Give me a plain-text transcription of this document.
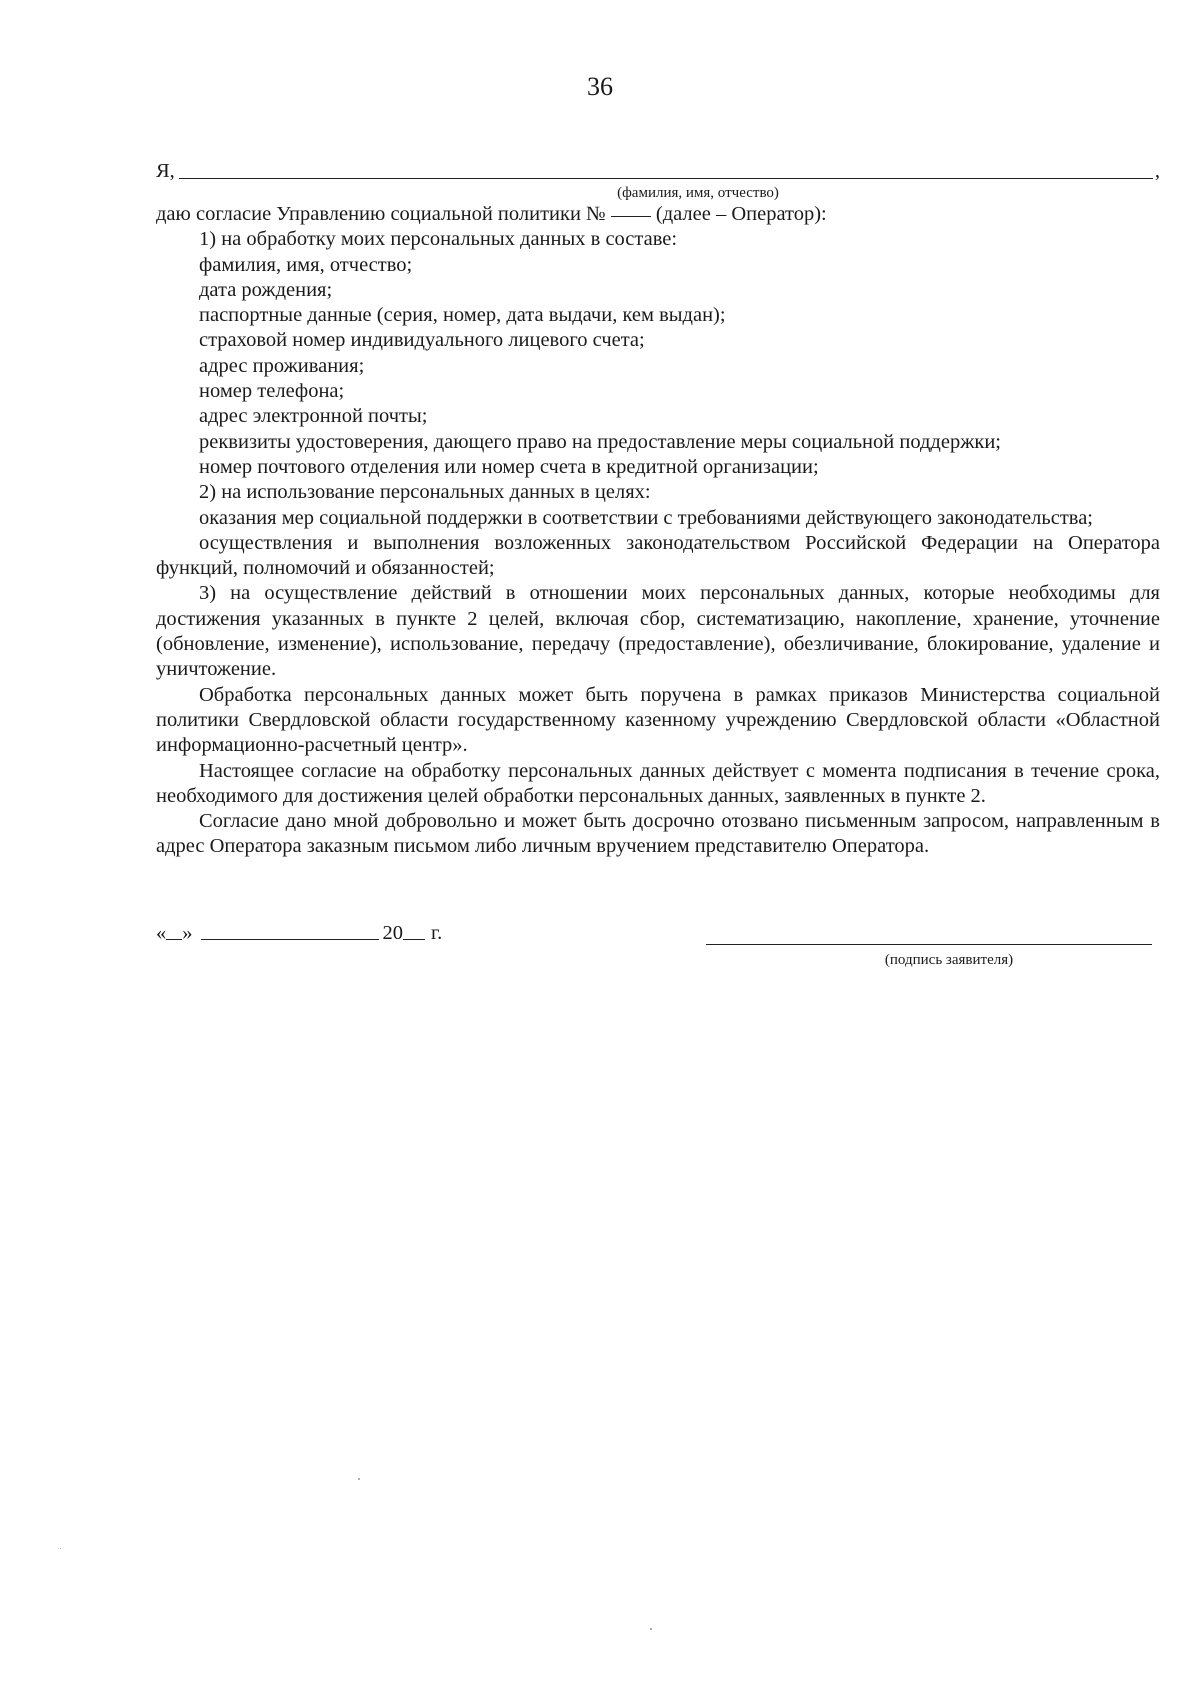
36
Я,	,
(фамилия, имя, отчество)
даю согласие Управлению социальной политики № (далее – Оператор):
1) на обработку моих персональных данных в составе:
фамилия, имя, отчество;
дата рождения;
паспортные данные (серия, номер, дата выдачи, кем выдан);
страховой номер индивидуального лицевого счета;
адрес проживания;
номер телефона;
адрес электронной почты;
реквизиты удостоверения, дающего право на предоставление меры социальной поддержки;
номер почтового отделения или номер счета в кредитной организации;
2) на использование персональных данных в целях:
оказания мер социальной поддержки в соответствии с требованиями действующего законодательства;
осуществления и выполнения возложенных законодательством Российской Федерации на Оператора функций, полномочий и обязанностей;
3) на осуществление действий в отношении моих персональных данных, которые необходимы для достижения указанных в пункте 2 целей, включая сбор, систематизацию, накопление, хранение, уточнение (обновление, изменение), использование, передачу (предоставление), обезличивание, блокирование, удаление и уничтожение.
Обработка персональных данных может быть поручена в рамках приказов Министерства социальной политики Свердловской области государственному казенному учреждению Свердловской области «Областной информационно-расчетный центр».
Настоящее согласие на обработку персональных данных действует с момента подписания в течение срока, необходимого для достижения целей обработки персональных данных, заявленных в пункте 2.
Согласие дано мной добровольно и может быть досрочно отозвано письменным запросом, направленным в адрес Оператора заказным письмом либо личным вручением представителю Оператора.
« »	20 г.
(подпись заявителя)
